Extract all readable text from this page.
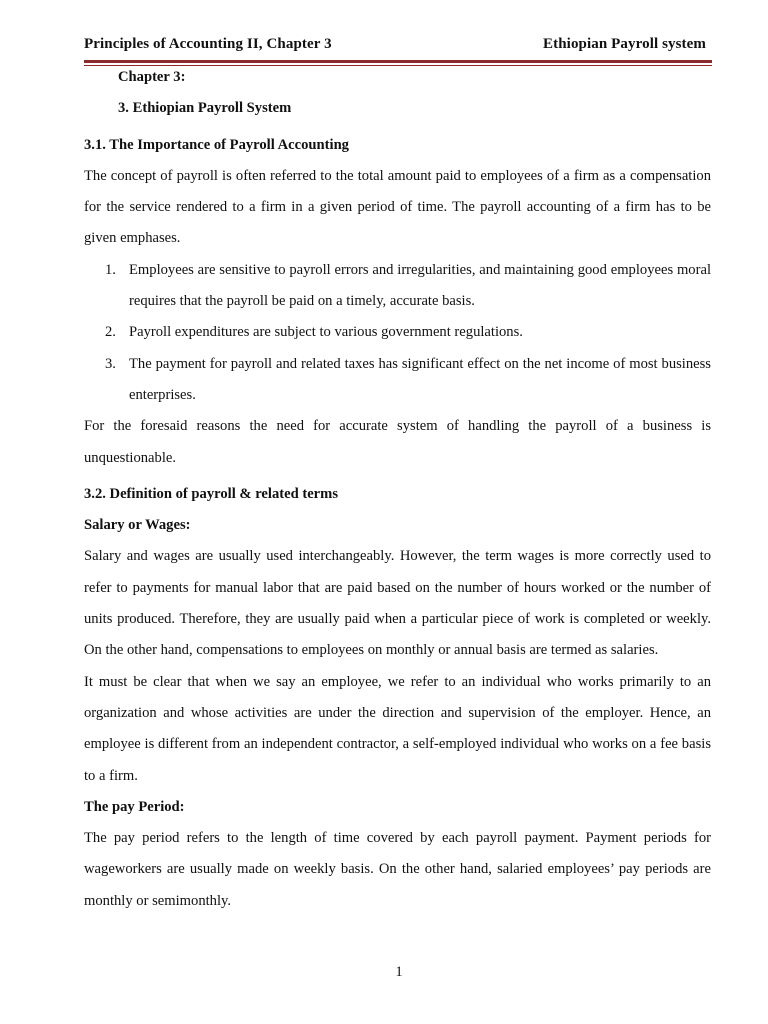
Principles of Accounting II, Chapter 3	Ethiopian Payroll system

Chapter 3:

3. Ethiopian Payroll System

3.1. The Importance of Payroll Accounting

The concept of payroll is often referred to the total amount paid to employees of a firm as a compensation for the service rendered to a firm in a given period of time. The payroll accounting of a firm has to be given emphases.

1. Employees are sensitive to payroll errors and irregularities, and maintaining good employees moral requires that the payroll be paid on a timely, accurate basis.
2. Payroll expenditures are subject to various government regulations.
3. The payment for payroll and related taxes has significant effect on the net income of most business enterprises.

For the foresaid reasons the need for accurate system of handling the payroll of a business is unquestionable.

3.2. Definition of payroll & related terms
Salary or Wages:

Salary and wages are usually used interchangeably. However, the term wages is more correctly used to refer to payments for manual labor that are paid based on the number of hours worked or the number of units produced. Therefore, they are usually paid when a particular piece of work is completed or weekly. On the other hand, compensations to employees on monthly or annual basis are termed as salaries.

It must be clear that when we say an employee, we refer to an individual who works primarily to an organization and whose activities are under the direction and supervision of the employer. Hence, an employee is different from an independent contractor, a self-employed individual who works on a fee basis to a firm.

The pay Period:

The pay period refers to the length of time covered by each payroll payment. Payment periods for wageworkers are usually made on weekly basis. On the other hand, salaried employees’ pay periods are monthly or semimonthly.

1
